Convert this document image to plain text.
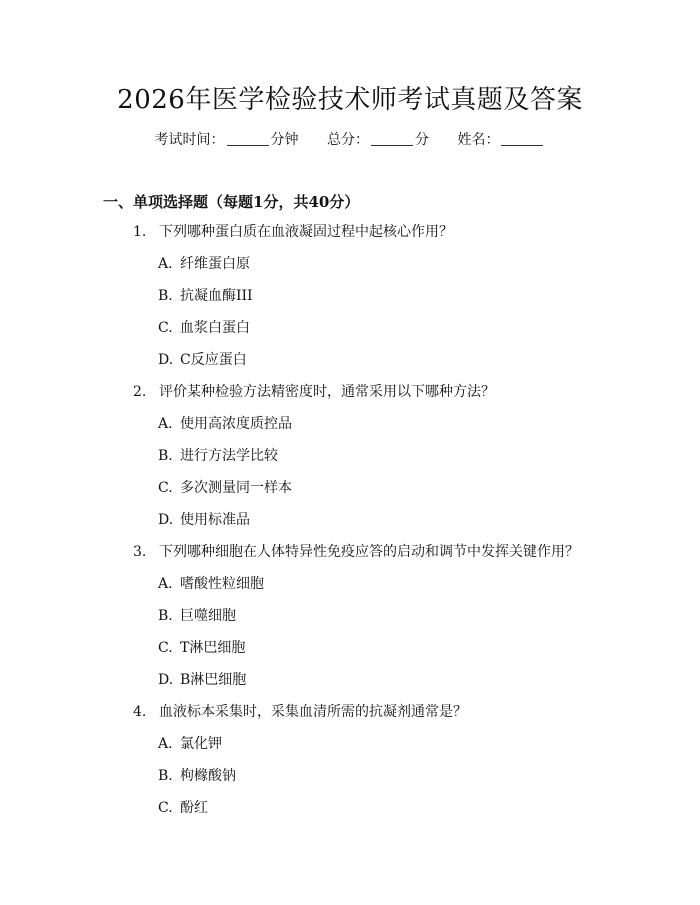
2026年医学检验技术师考试真题及答案
考试时间：	分钟 总分：	分 姓名：
一、单项选择题（每题1分，共40分）
1. 下列哪种蛋白质在血液凝固过程中起核心作用？
A. 纤维蛋白原
B. 抗凝血酶III
C. 血浆白蛋白
D. C反应蛋白
2. 评价某种检验方法精密度时，通常采用以下哪种方法？
A. 使用高浓度质控品
B. 进行方法学比较
C. 多次测量同一样本
D. 使用标准品
3. 下列哪种细胞在人体特异性免疫应答的启动和调节中发挥关键作用？
A. 嗜酸性粒细胞
B. 巨噬细胞
C. T淋巴细胞
D. B淋巴细胞
4. 血液标本采集时，采集血清所需的抗凝剂通常是？
A. 氯化钾
B. 枸橼酸钠
C. 酚红
